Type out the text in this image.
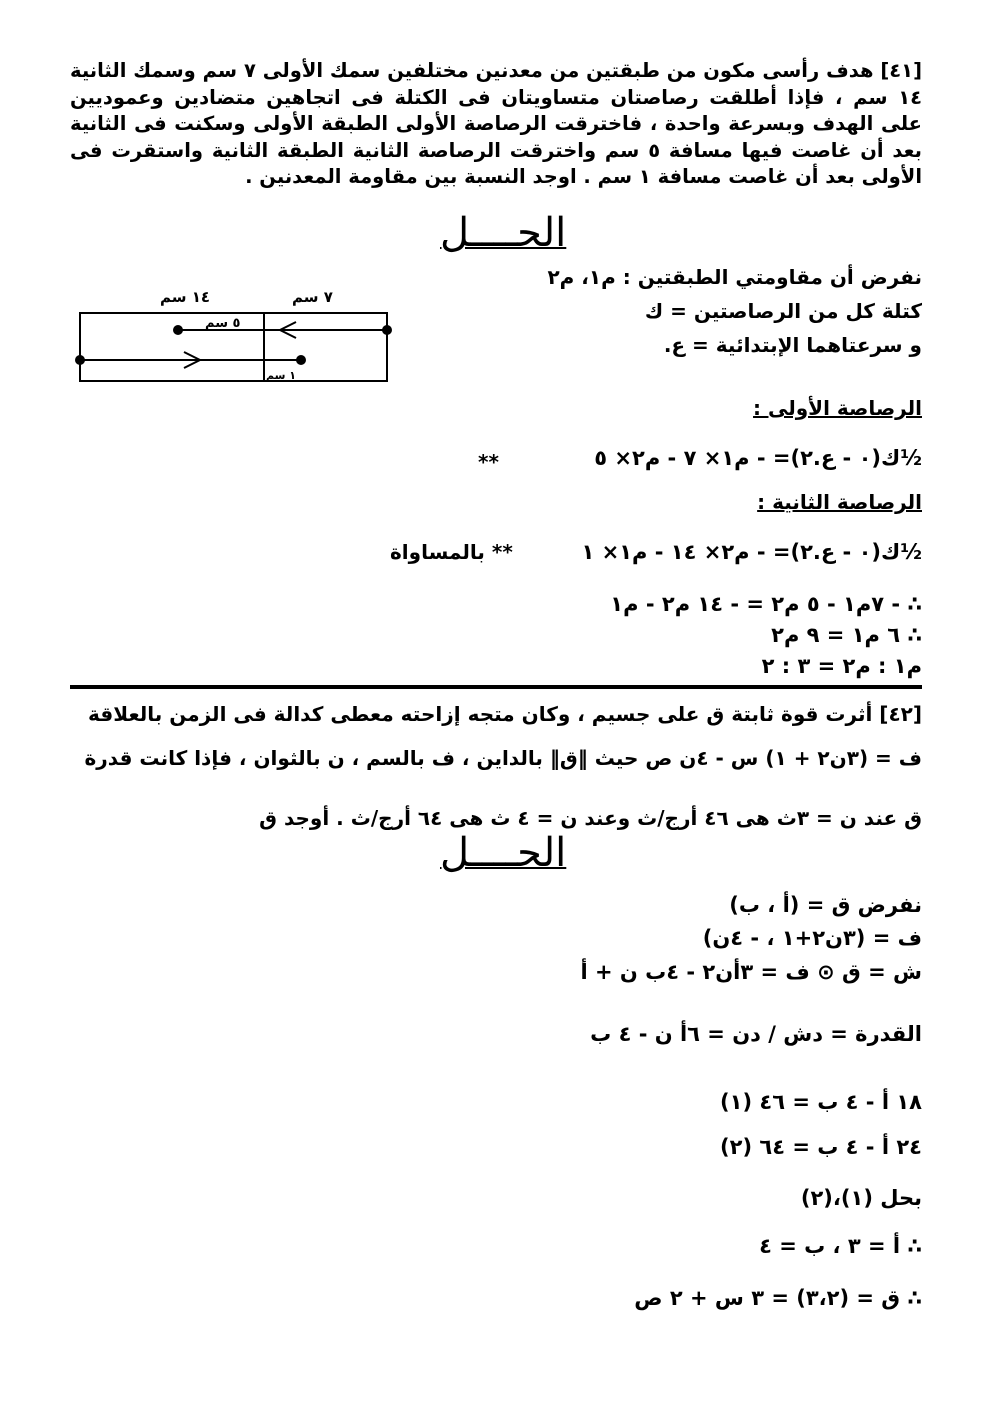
[٤١] هدف رأسى مكون من طبقتين من معدنين مختلفين سمك الأولى ٧ سم وسمك الثانية ١٤ سم ، فإذا أطلقت رصاصتان متساويتان فى الكتلة فى اتجاهين متضادين وعموديين على الهدف وبسرعة واحدة ، فاخترقت الرصاصة الأولى الطبقة الأولى وسكنت فى الثانية بعد أن غاصت فيها مسافة ٥ سم واخترقت الرصاصة الثانية الطبقة الثانية واستقرت فى الأولى بعد أن غاصت مسافة ١ سم . اوجد النسبة بين مقاومة المعدنين .
الحــــل
نفرض أن مقاومتي الطبقتين : م١، م٢
كتلة كل من الرصاصتين = ك
و سرعتاهما الإبتدائية = ع.
١٤ سم	٧ سم
٥ سم
١ سم
الرصاصة الأولى :
½ك(٠ - ع.٢)= - م١× ٧ - م٢× ٥
**
الرصاصة الثانية :
½ك(٠ - ع.٢)= - م٢× ١٤ - م١× ١
** بالمساواة
∴ - ٧م١ - ٥ م٢ = - ١٤ م٢ - م١
∴ ٦ م١ = ٩ م٢
م١ : م٢ = ٣ : ٢
[٤٢] أثرت قوة ثابتة ق على جسيم ، وكان متجه إزاحته معطى كدالة فى الزمن بالعلاقة
ف = (٣ن٢ + ١) س - ٤ن ص حيث ‖ق‖ بالداين ، ف بالسم ، ن بالثوان ، فإذا كانت قدرة
ق عند ن = ٣ث هى ٤٦ أرج/ث وعند ن = ٤ ث هى ٦٤ أرج/ث . أوجد ق
الحــــل
نفرض ق = (أ ، ب)
ف = (٣ن٢+١ ، - ٤ن)
ش = ق ⊙ ف = ٣أن٢ - ٤ب ن + أ
القدرة = دش / دن = ٦أ ن - ٤ ب
١٨ أ - ٤ ب = ٤٦ (١)
٢٤ أ - ٤ ب = ٦٤ (٢)
بحل (١)،(٢)
∴ أ = ٣ ، ب = ٤
∴ ق = (٣،٢) = ٣ س + ٢ ص
